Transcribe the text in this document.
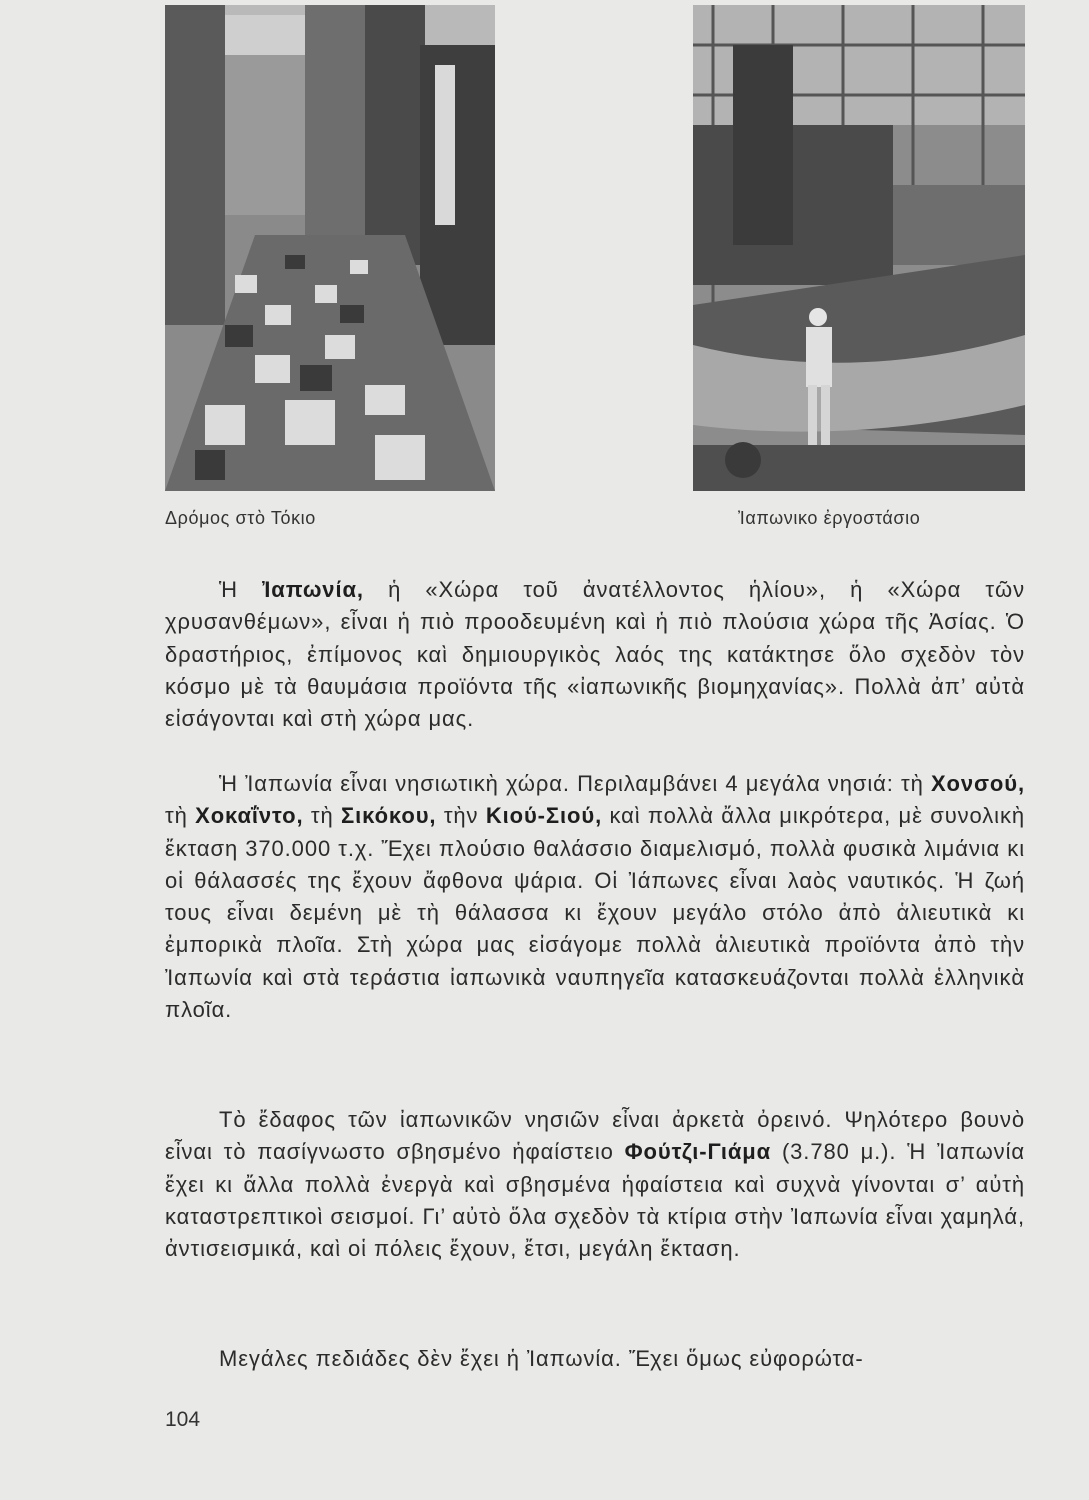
Δρόμος στὸ Τόκιο	Ἰαπωνικο ἐργοστάσιο

Ἡ Ἰαπωνία, ἡ «Χώρα τοῦ ἀνατέλλοντος ἡλίου», ἡ «Χώρα τῶν χρυσανθέμων», εἶναι ἡ πιὸ προοδευμένη καὶ ἡ πιὸ πλούσια χώρα τῆς Ἀσίας. Ὁ δραστήριος, ἐπίμονος καὶ δημιουργικὸς λαός της κατάκτησε ὅλο σχεδὸν τὸν κόσμο μὲ τὰ θαυμάσια προϊόντα τῆς «ἰαπωνικῆς βιομηχανίας». Πολλὰ ἀπ’ αὐτὰ εἰσάγονται καὶ στὴ χώρα μας.

Ἡ Ἰαπωνία εἶναι νησιωτικὴ χώρα. Περιλαμβάνει 4 μεγάλα νησιά: τὴ Χονσού, τὴ Χοκαΐντο, τὴ Σικόκου, τὴν Κιού-Σιού, καὶ πολλὰ ἄλλα μικρότερα, μὲ συνολικὴ ἔκταση 370.000 τ.χ. Ἔχει πλούσιο θαλάσσιο διαμελισμό, πολλὰ φυσικὰ λιμάνια κι οἱ θάλασσές της ἔχουν ἄφθονα ψάρια. Οἱ Ἰάπωνες εἶναι λαὸς ναυτικός. Ἡ ζωή τους εἶναι δεμένη μὲ τὴ θάλασσα κι ἔχουν μεγάλο στόλο ἀπὸ ἁλιευτικὰ κι ἐμπορικὰ πλοῖα. Στὴ χώρα μας εἰσάγομε πολλὰ ἁλιευτικὰ προϊόντα ἀπὸ τὴν Ἰαπωνία καὶ στὰ τεράστια ἰαπωνικὰ ναυπηγεῖα κατασκευάζονται πολλὰ ἑλληνικὰ πλοῖα.

Τὸ ἔδαφος τῶν ἰαπωνικῶν νησιῶν εἶναι ἀρκετὰ ὀρεινό. Ψηλότερο βουνὸ εἶναι τὸ πασίγνωστο σβησμένο ἡφαίστειο Φούτζι-Γιάμα (3.780 μ.). Ἡ Ἰαπωνία ἔχει κι ἄλλα πολλὰ ἐνεργὰ καὶ σβησμένα ἡφαίστεια καὶ συχνὰ γίνονται σ’ αὐτὴ καταστρεπτικοὶ σεισμοί. Γι’ αὐτὸ ὅλα σχεδὸν τὰ κτίρια στὴν Ἰαπωνία εἶναι χαμηλά, ἀντισεισμικά, καὶ οἱ πόλεις ἔχουν, ἔτσι, μεγάλη ἔκταση.

Μεγάλες πεδιάδες δὲν ἔχει ἡ Ἰαπωνία. Ἔχει ὅμως εὐφορώτα-

104
